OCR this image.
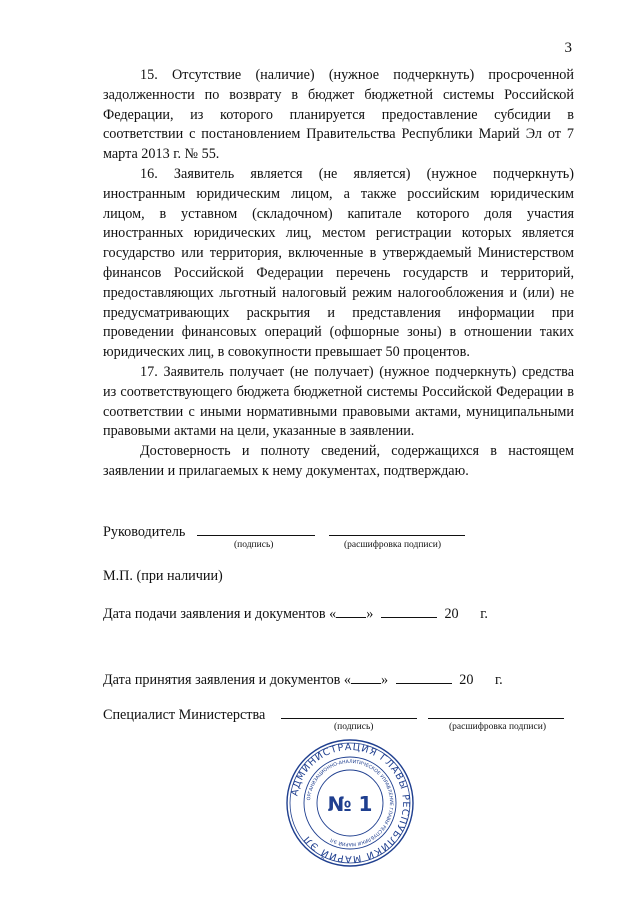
3

15. Отсутствие (наличие) (нужное подчеркнуть) просроченной задолженности по возврату в бюджет бюджетной системы Российской Федерации, из которого планируется предоставление субсидии в соответствии с постановлением Правительства Республики Марий Эл от 7 марта 2013 г. № 55.

16. Заявитель является (не является) (нужное подчеркнуть) иностранным юридическим лицом, а также российским юридическим лицом, в уставном (складочном) капитале которого доля участия иностранных юридических лиц, местом регистрации которых является государство или территория, включенные в утверждаемый Министерством финансов Российской Федерации перечень государств и территорий, предоставляющих льготный налоговый режим налогообложения и (или) не предусматривающих раскрытия и представления информации при проведении финансовых операций (офшорные зоны) в отношении таких юридических лиц, в совокупности превышает 50 процентов.

17. Заявитель получает (не получает) (нужное подчеркнуть) средства из соответствующего бюджета бюджетной системы Российской Федерации в соответствии с иными нормативными правовыми актами, муниципальными правовыми актами на цели, указанные в заявлении.

Достоверность и полноту сведений, содержащихся в настоящем заявлении и прилагаемых к нему документах, подтверждаю.

Руководитель
(подпись)	(расшифровка подписи)
М.П. (при наличии)
Дата подачи заявления и документов « »	20 г.
Дата принятия заявления и документов « »	20 г.
Специалист Министерства
(подпись)	(расшифровка подписи)
АДМИНИСТРАЦИЯ ГЛАВЫ РЕСПУБЛИКИ МАРИЙ ЭЛ
ОРГАНИЗАЦИОННО-АНАЛИТИЧЕСКОЕ УПРАВЛЕНИЕ ГЛАВЫ РЕСПУБЛИКИ МАРИЙ ЭЛ
№ 1
